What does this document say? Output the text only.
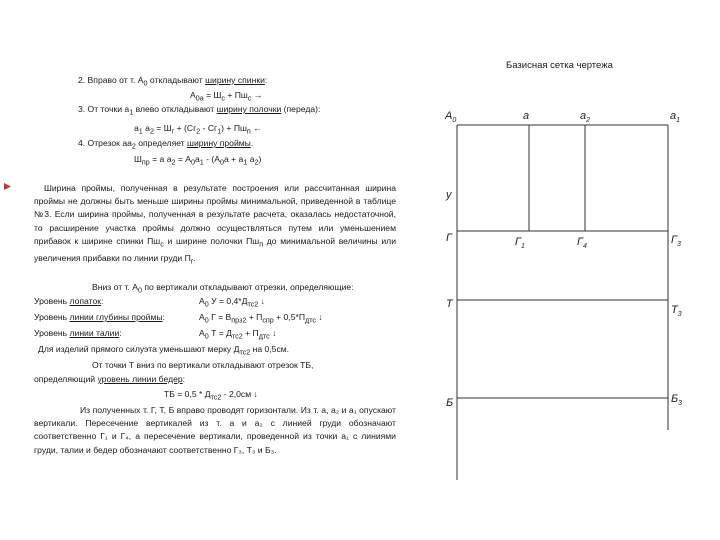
2. Вправо от т. $А_0$ откладывают ширину спинки:
$А_{0а} = Ш_с + Пш_с$ →
3. От точки $а_1$ влево откладывают ширину полочки (переда):
$а_1$ $а_2 = Ш_г + (Сг_2 - Сг_1) + Пш_п$ ←
4. Отрезок $аа_2$ определяет ширину проймы.
$Ш_{пр} = а$ $а_2 = А_0а_1 - (А_0а + а_1$ $а_2$)
Ширина проймы, полученная в результате построения или рассчитанная ширина проймы не должны быть меньше ширины проймы минимальной, приведенной в таблице №3. Если ширина проймы, полученная в результате расчета, оказалась недостаточной, то расширение участка проймы должно осуществляться путем или уменьшением прибавок к ширине спинки $Пш_с$ и ширине полочки $Пш_п$ до минимальной величины или увеличения прибавки по линии груди $П_г$.
Вниз от т. $А_0$ по вертикали откладывают отрезки, определяющие:
Уровень лопаток:	$А_0$ $У = 0,4*Д_{тс2}$ ↓
Уровень линии глубины проймы:	$А_0$ $Г = В_{прз2} + П_{спр} + 0,5*П_{дтс}$ ↓
Уровень линии талии:	$А_0$ $Т = Д_{тс2} + П_{дтс}$ ↓
Для изделий прямого силуэта уменьшают мерку $Д_{тс2}$ на 0,5см.
От точки Т вниз по вертикали откладывают отрезок ТБ,
определяющий уровень линии бедер:
ТБ = $0,5 * Д_{тс2} - 2,0см$ ↓
Из полученных т. Г, Т, Б вправо проводят горизонтали. Из т. а, а₂ и а₁ опускают вертикали. Пересечение вертикалей из т. а и а₂ с линией груди обозначают соответственно Г₁ и Г₄, а пересечение вертикали, проведенной из точки а₁ с линиями груди, талии и бедер обозначают соответственно Г₃, Т₃ и Б₃.
Базисная сетка чертежа
$A_0$	a	$a_2$	$a_1$
y
Г	$Г_1$	$Г_4$
$Г_3$
T	$T_3$
Б	$Б_3$
